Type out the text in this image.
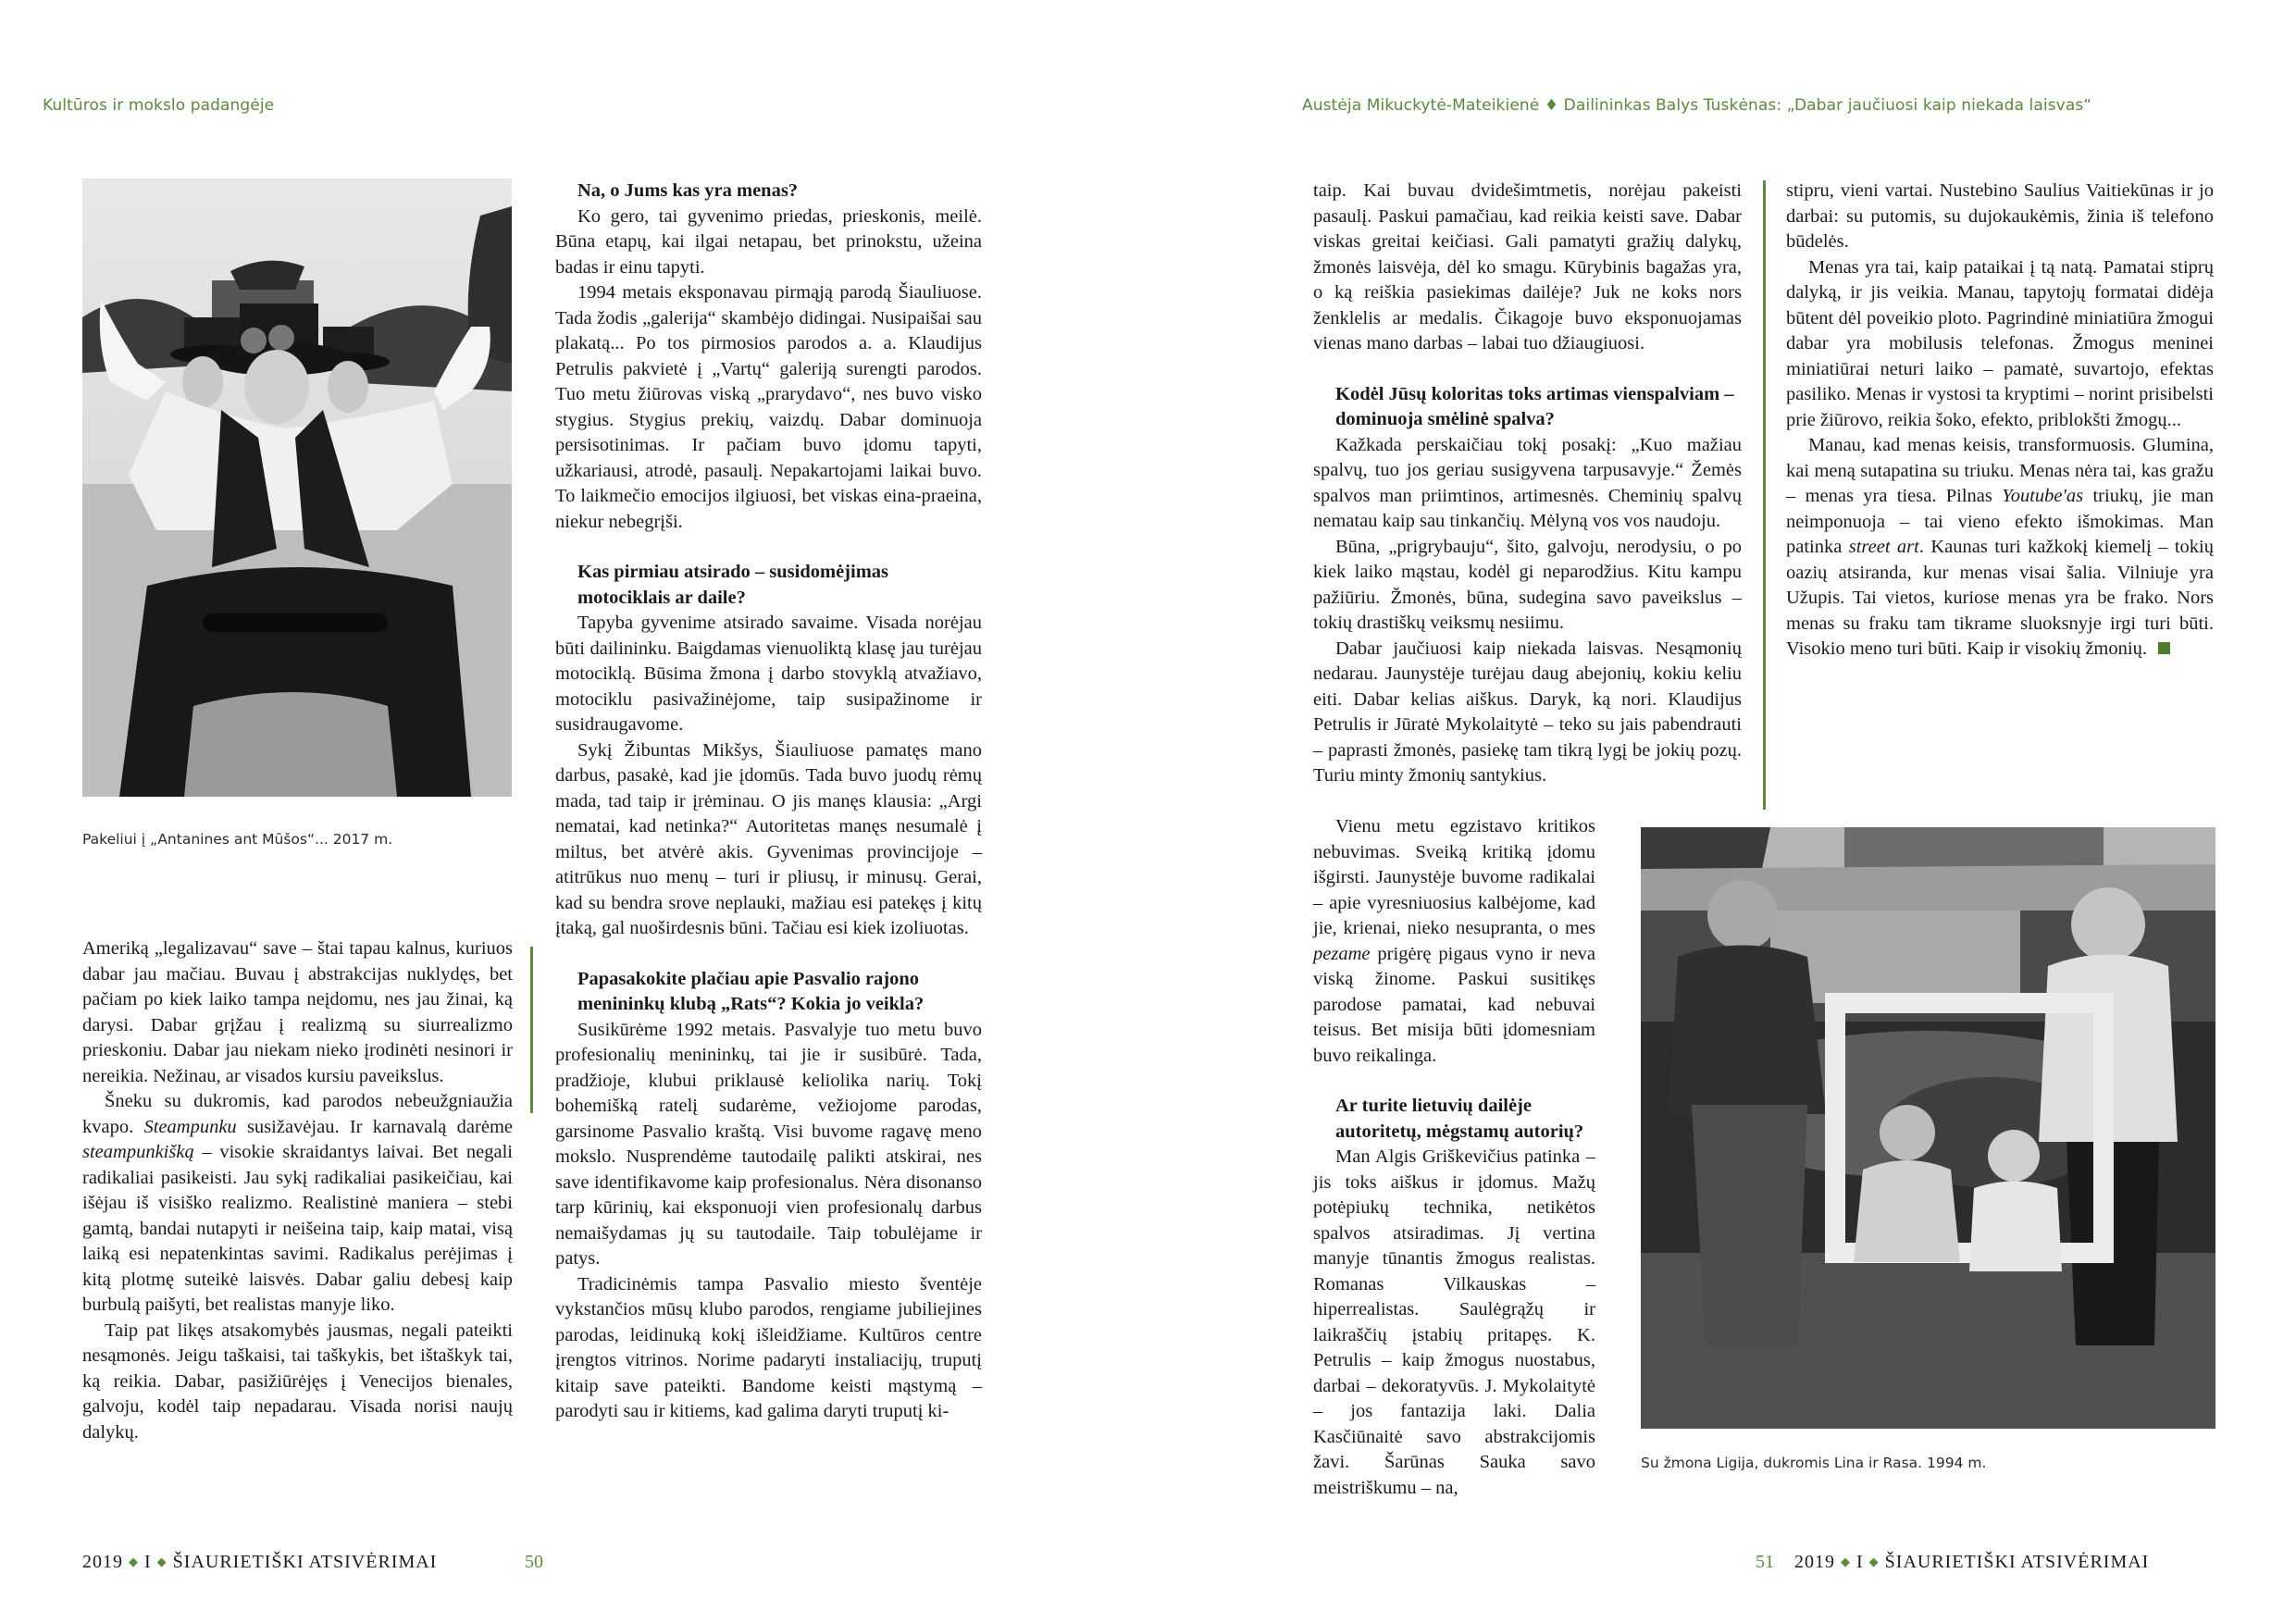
Kultūros ir mokslo padangėje	Austėja Mikuckytė-Mateikienė ♦ Dailininkas Balys Tuskėnas: „Dabar jaučiuosi kaip niekada laisvas“
Pakeliui į „Antanines ant Mūšos“... 2017 m.

Ameriką „legalizavau“ save – štai tapau kalnus, kuriuos dabar jau mačiau. Buvau į abstrakcijas nuklydęs, bet pačiam po kiek laiko tampa neįdomu, nes jau žinai, ką darysi. Dabar grįžau į realizmą su siurrealizmo prieskoniu. Dabar jau niekam nieko įrodinėti nesinori ir nereikia. Nežinau, ar visados kursiu paveikslus.

Šneku su dukromis, kad parodos nebeužgniaužia kvapo. Steampunku susižavėjau. Ir karnavalą darėme steampunkišką – visokie skraidantys laivai. Bet negali radikaliai pasikeisti. Jau sykį radikaliai pasikeičiau, kai išėjau iš visiško realizmo. Realistinė maniera – stebi gamtą, bandai nutapyti ir neišeina taip, kaip matai, visą laiką esi nepatenkintas savimi. Radikalus perėjimas į kitą plotmę suteikė laisvės. Dabar galiu debesį kaip burbulą paišyti, bet realistas manyje liko.

Taip pat likęs atsakomybės jausmas, negali pateikti nesąmonės. Jeigu taškaisi, tai taškykis, bet ištaškyk tai, ką reikia. Dabar, pasižiūrėjęs į Venecijos bienales, galvoju, kodėl taip nepadarau. Visada norisi naujų dalykų.

Na, o Jums kas yra menas?

Ko gero, tai gyvenimo priedas, prieskonis, meilė. Būna etapų, kai ilgai netapau, bet prinokstu, užeina badas ir einu tapyti.

1994 metais eksponavau pirmąją parodą Šiauliuose. Tada žodis „galerija“ skambėjo didingai. Nusipaišai sau plakatą... Po tos pirmosios parodos a. a. Klaudijus Petrulis pakvietė į „Vartų“ galeriją surengti parodos. Tuo metu žiūrovas viską „prarydavo“, nes buvo visko stygius. Stygius prekių, vaizdų. Dabar dominuoja persisotinimas. Ir pačiam buvo įdomu tapyti, užkariausi, atrodė, pasaulį. Nepakartojami laikai buvo. To laikmečio emocijos ilgiuosi, bet viskas eina-praeina, niekur nebegrįši.

Kas pirmiau atsirado – susidomėjimas motociklais ar daile?

Tapyba gyvenime atsirado savaime. Visada norėjau būti dailininku. Baigdamas vienuoliktą klasę jau turėjau motociklą. Būsima žmona į darbo stovyklą atvažiavo, motociklu pasivažinėjome, taip susipažinome ir susidraugavome.

Sykį Žibuntas Mikšys, Šiauliuose pamatęs mano darbus, pasakė, kad jie įdomūs. Tada buvo juodų rėmų mada, tad taip ir įrėminau. O jis manęs klausia: „Argi nematai, kad netinka?“ Autoritetas manęs nesumalė į miltus, bet atvėrė akis. Gyvenimas provincijoje – atitrūkus nuo menų – turi ir pliusų, ir minusų. Gerai, kad su bendra srove neplauki, mažiau esi patekęs į kitų įtaką, gal nuoširdesnis būni. Tačiau esi kiek izoliuotas.

Papasakokite plačiau apie Pasvalio rajono menininkų klubą „Rats“? Kokia jo veikla?

Susikūrėme 1992 metais. Pasvalyje tuo metu buvo profesionalių menininkų, tai jie ir susibūrė. Tada, pradžioje, klubui priklausė keliolika narių. Tokį bohemišką ratelį sudarėme, vežiojome parodas, garsinome Pasvalio kraštą. Visi buvome ragavę meno mokslo. Nusprendėme tautodailę palikti atskirai, nes save identifikavome kaip profesionalus. Nėra disonanso tarp kūrinių, kai eksponuoji vien profesionalų darbus nemaišydamas jų su tautodaile. Taip tobulėjame ir patys.

Tradicinėmis tampa Pasvalio miesto šventėje vykstančios mūsų klubo parodos, rengiame jubiliejines parodas, leidinuką kokį išleidžiame. Kultūros centre įrengtos vitrinos. Norime padaryti instaliacijų, truputį kitaip save pateikti. Bandome keisti mąstymą – parodyti sau ir kitiems, kad galima daryti truputį ki-

2019 ◆ I ◆ ŠIAURIETIŠKI ATSIVĖRIMAI	50

taip. Kai buvau dvidešimtmetis, norėjau pakeisti pasaulį. Paskui pamačiau, kad reikia keisti save. Dabar viskas greitai keičiasi. Gali pamatyti gražių dalykų, žmonės laisvėja, dėl ko smagu. Kūrybinis bagažas yra, o ką reiškia pasiekimas dailėje? Juk ne koks nors ženklelis ar medalis. Čikagoje buvo eksponuojamas vienas mano darbas – labai tuo džiaugiuosi.

Kodėl Jūsų koloritas toks artimas vienspalviam – dominuoja smėlinė spalva?

Kažkada perskaičiau tokį posakį: „Kuo mažiau spalvų, tuo jos geriau susigyvena tarpusavyje.“ Žemės spalvos man priimtinos, artimesnės. Cheminių spalvų nematau kaip sau tinkančių. Mėlyną vos vos naudoju.

Būna, „prigrybauju“, šito, galvoju, nerodysiu, o po kiek laiko mąstau, kodėl gi neparodžius. Kitu kampu pažiūriu. Žmonės, būna, sudegina savo paveikslus – tokių drastiškų veiksmų nesiimu.

Dabar jaučiuosi kaip niekada laisvas. Nesąmonių nedarau. Jaunystėje turėjau daug abejonių, kokiu keliu eiti. Dabar kelias aiškus. Daryk, ką nori. Klaudijus Petrulis ir Jūratė Mykolaitytė – teko su jais pabendrauti – paprasti žmonės, pasiekę tam tikrą lygį be jokių pozų. Turiu minty žmonių santykius.

Vienu metu egzistavo kritikos nebuvimas. Sveiką kritiką įdomu išgirsti. Jaunystėje buvome radikalai – apie vyresniuosius kalbėjome, kad jie, krienai, nieko nesupranta, o mes pezame prigėrę pigaus vyno ir neva viską žinome. Paskui susitikęs parodose pamatai, kad nebuvai teisus. Bet misija būti įdomesniam buvo reikalinga.

Ar turite lietuvių dailėje autoritetų, mėgstamų autorių?

Man Algis Griškevičius patinka – jis toks aiškus ir įdomus. Mažų potėpiukų technika, netikėtos spalvos atsiradimas. Jį vertina manyje tūnantis žmogus realistas. Romanas Vilkauskas – hiperrealistas. Saulėgrąžų ir laikraščių įstabių pritapęs. K. Petrulis – kaip žmogus nuostabus, darbai – dekoratyvūs. J. Mykolaitytė – jos fantazija laki. Dalia Kasčiūnaitė savo abstrakcijomis žavi. Šarūnas Sauka savo meistriškumu – na,

stipru, vieni vartai. Nustebino Saulius Vaitiekūnas ir jo darbai: su putomis, su dujokaukėmis, žinia iš telefono būdelės.

Menas yra tai, kaip pataikai į tą natą. Pamatai stiprų dalyką, ir jis veikia. Manau, tapytojų formatai didėja būtent dėl poveikio ploto. Pagrindinė miniatiūra žmogui dabar yra mobilusis telefonas. Žmogus meninei miniatiūrai neturi laiko – pamatė, suvartojo, efektas pasiliko. Menas ir vystosi ta kryptimi – norint prisibelsti prie žiūrovo, reikia šoko, efekto, priblokšti žmogų...

Manau, kad menas keisis, transformuosis. Glumina, kai meną sutapatina su triuku. Menas nėra tai, kas gražu – menas yra tiesa. Pilnas Youtube'as triukų, jie man neimponuoja – tai vieno efekto išmokimas. Man patinka street art. Kaunas turi kažkokį kiemelį – tokių oazių atsiranda, kur menas visai šalia. Vilniuje yra Užupis. Tai vietos, kuriose menas yra be frako. Nors menas su fraku tam tikrame sluoksnyje irgi turi būti. Visokio meno turi būti. Kaip ir visokių žmonių.

Su žmona Ligija, dukromis Lina ir Rasa. 1994 m.
51 2019 ◆ I ◆ ŠIAURIETIŠKI ATSIVĖRIMAI
